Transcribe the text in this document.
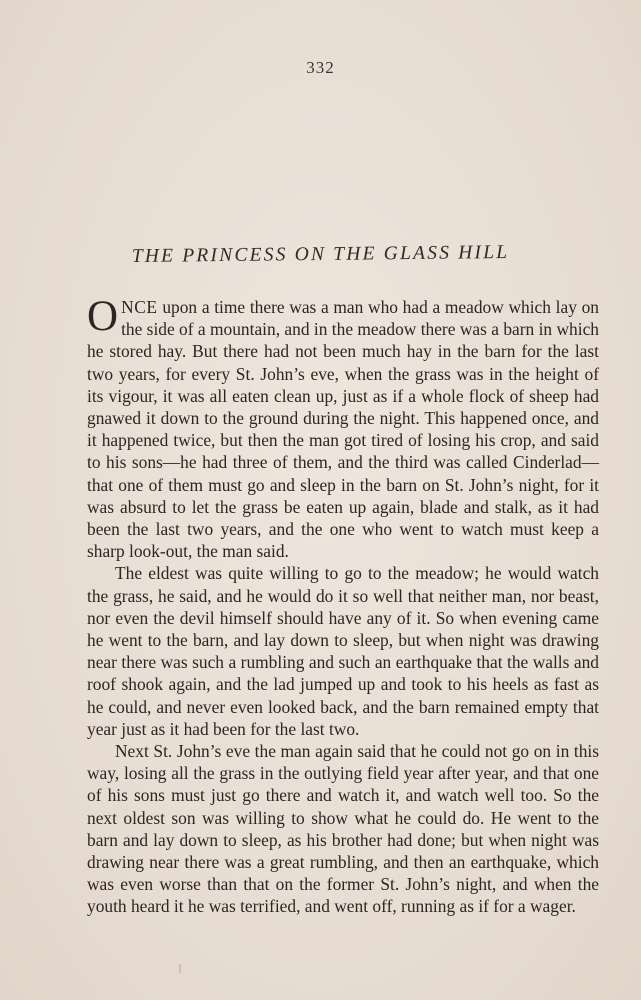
332
THE PRINCESS ON THE GLASS HILL

ONCE upon a time there was a man who had a meadow which lay on the side of a mountain, and in the meadow there was a barn in which he stored hay. But there had not been much hay in the barn for the last two years, for every St. John’s eve, when the grass was in the height of its vigour, it was all eaten clean up, just as if a whole flock of sheep had gnawed it down to the ground during the night. This happened once, and it happened twice, but then the man got tired of losing his crop, and said to his sons—he had three of them, and the third was called Cinderlad—that one of them must go and sleep in the barn on St. John’s night, for it was absurd to let the grass be eaten up again, blade and stalk, as it had been the last two years, and the one who went to watch must keep a sharp look-out, the man said.

The eldest was quite willing to go to the meadow; he would watch the grass, he said, and he would do it so well that neither man, nor beast, nor even the devil himself should have any of it. So when evening came he went to the barn, and lay down to sleep, but when night was drawing near there was such a rumbling and such an earthquake that the walls and roof shook again, and the lad jumped up and took to his heels as fast as he could, and never even looked back, and the barn remained empty that year just as it had been for the last two.

Next St. John’s eve the man again said that he could not go on in this way, losing all the grass in the outlying field year after year, and that one of his sons must just go there and watch it, and watch well too. So the next oldest son was willing to show what he could do. He went to the barn and lay down to sleep, as his brother had done; but when night was drawing near there was a great rumbling, and then an earthquake, which was even worse than that on the former St. John’s night, and when the youth heard it he was terrified, and went off, running as if for a wager.
